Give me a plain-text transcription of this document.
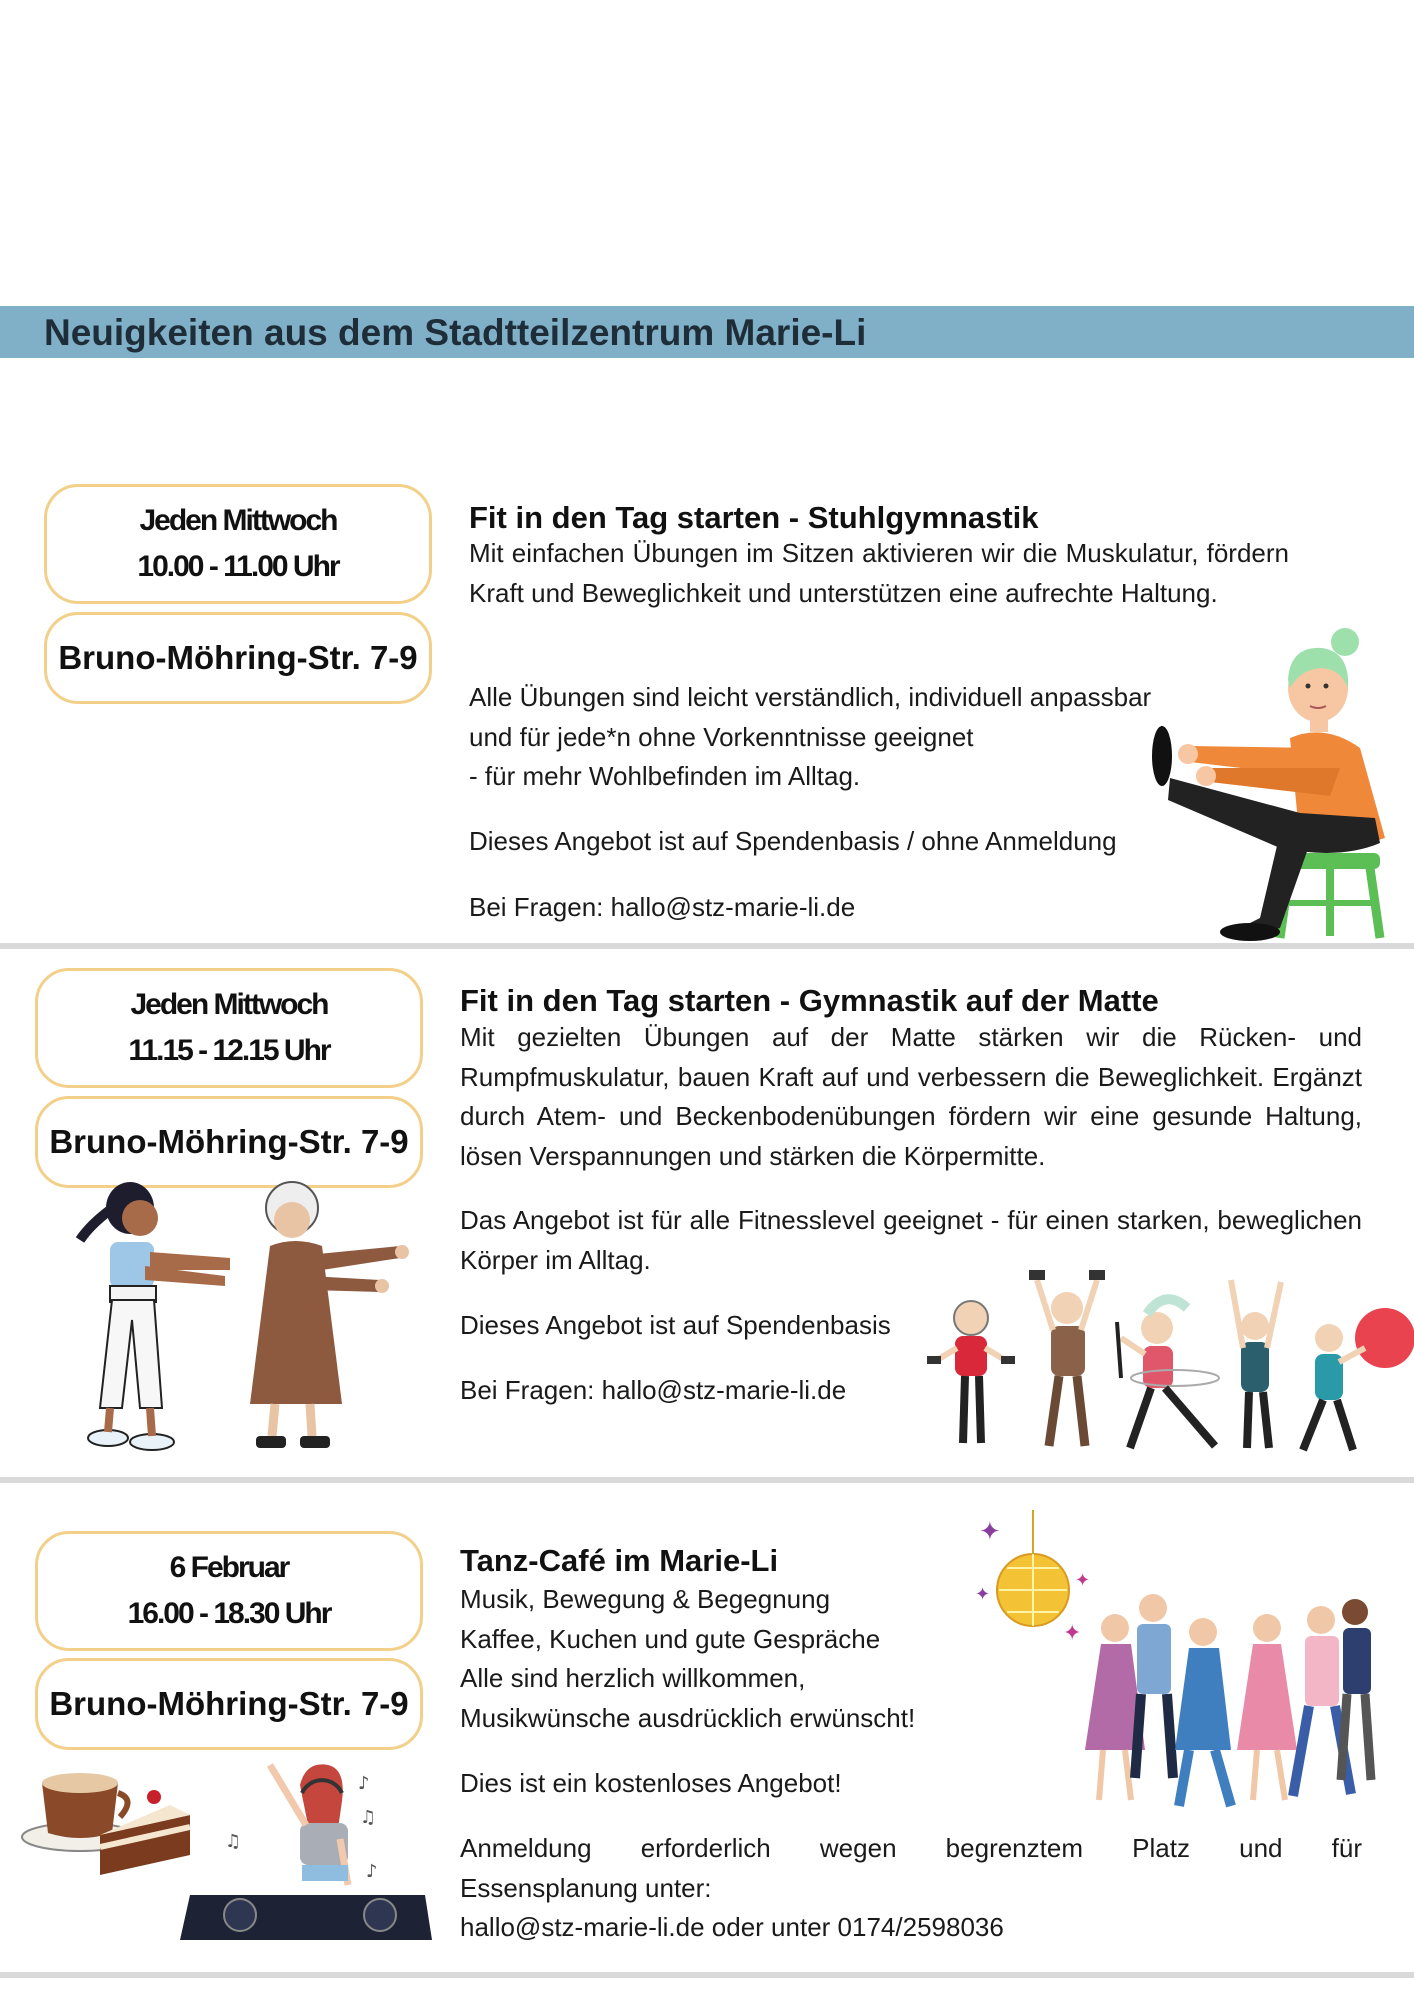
Neuigkeiten aus dem Stadtteilzentrum Marie-Li
Jeden Mittwoch
10.00 - 11.00 Uhr
Bruno-Möhring-Str. 7-9
Fit in den Tag starten - Stuhlgymnastik
Mit einfachen Übungen im Sitzen aktivieren wir die Muskulatur, fördern Kraft und Beweglichkeit und unterstützen eine aufrechte Haltung.
Alle Übungen sind leicht verständlich, individuell anpassbar
und für jede*n ohne Vorkenntnisse geeignet
- für mehr Wohlbefinden im Alltag.
Dieses Angebot ist auf Spendenbasis / ohne Anmeldung
Bei Fragen: hallo@stz-marie-li.de
Jeden Mittwoch
11.15 - 12.15 Uhr
Bruno-Möhring-Str. 7-9
Fit in den Tag starten - Gymnastik auf der Matte
Mit gezielten Übungen auf der Matte stärken wir die Rücken- und Rumpfmuskulatur, bauen Kraft auf und verbessern die Beweglichkeit. Ergänzt durch Atem- und Beckenbodenübungen fördern wir eine gesunde Haltung, lösen Verspannungen und stärken die Körpermitte.
Das Angebot ist für alle Fitnesslevel geeignet - für einen starken, beweglichen Körper im Alltag.
Dieses Angebot ist auf Spendenbasis
Bei Fragen: hallo@stz-marie-li.de
6 Februar
16.00 - 18.30 Uhr
Bruno-Möhring-Str. 7-9
Tanz-Café im Marie-Li
Musik, Bewegung & Begegnung
Kaffee, Kuchen und gute Gespräche
Alle sind herzlich willkommen,
Musikwünsche ausdrücklich erwünscht!
Dies ist ein kostenloses Angebot!
Anmeldung erforderlich wegen begrenztem Platz und für
Essensplanung unter:
hallo@stz-marie-li.de oder unter 0174/2598036
♫
♪
♫
♪
✦
✦
✦
✦
